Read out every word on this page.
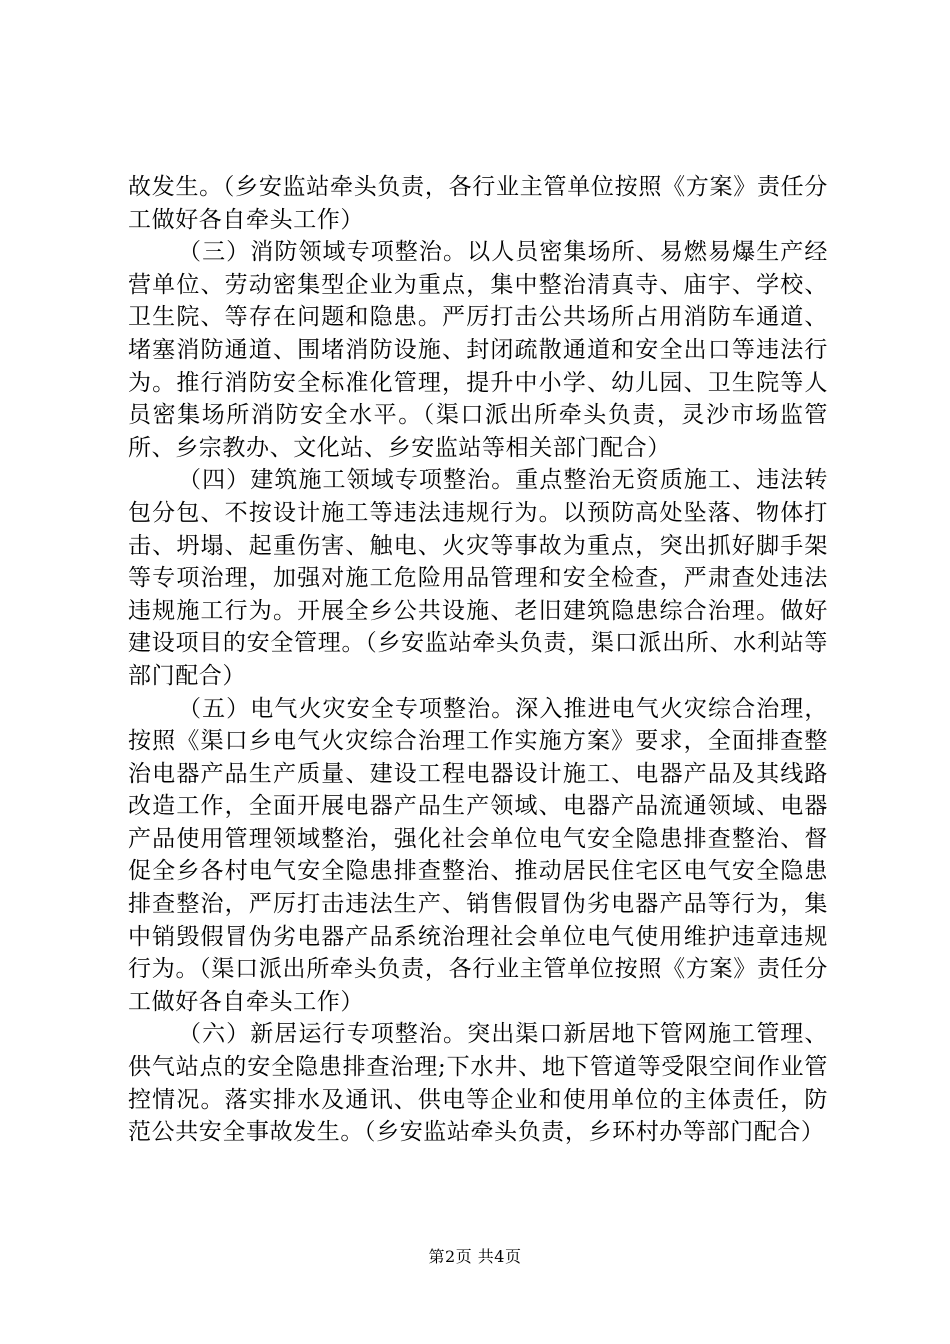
故发生。（乡安监站牵头负责，各行业主管单位按照《方案》责任分工做好各自牵头工作）

（三）消防领域专项整治。以人员密集场所、易燃易爆生产经营单位、劳动密集型企业为重点，集中整治清真寺、庙宇、学校、卫生院、等存在问题和隐患。严厉打击公共场所占用消防车通道、堵塞消防通道、围堵消防设施、封闭疏散通道和安全出口等违法行为。推行消防安全标准化管理，提升中小学、幼儿园、卫生院等人员密集场所消防安全水平。（渠口派出所牵头负责，灵沙市场监管所、乡宗教办、文化站、乡安监站等相关部门配合）

（四）建筑施工领域专项整治。重点整治无资质施工、违法转包分包、不按设计施工等违法违规行为。以预防高处坠落、物体打击、坍塌、起重伤害、触电、火灾等事故为重点，突出抓好脚手架等专项治理，加强对施工危险用品管理和安全检查，严肃查处违法违规施工行为。开展全乡公共设施、老旧建筑隐患综合治理。做好建设项目的安全管理。（乡安监站牵头负责，渠口派出所、水利站等部门配合）

（五）电气火灾安全专项整治。深入推进电气火灾综合治理，按照《渠口乡电气火灾综合治理工作实施方案》要求，全面排查整治电器产品生产质量、建设工程电器设计施工、电器产品及其线路改造工作，全面开展电器产品生产领域、电器产品流通领域、电器产品使用管理领域整治，强化社会单位电气安全隐患排查整治、督促全乡各村电气安全隐患排查整治、推动居民住宅区电气安全隐患排查整治，严厉打击违法生产、销售假冒伪劣电器产品等行为，集中销毁假冒伪劣电器产品系统治理社会单位电气使用维护违章违规行为。（渠口派出所牵头负责，各行业主管单位按照《方案》责任分工做好各自牵头工作）

（六）新居运行专项整治。突出渠口新居地下管网施工管理、供气站点的安全隐患排查治理;下水井、地下管道等受限空间作业管控情况。落实排水及通讯、供电等企业和使用单位的主体责任，防范公共安全事故发生。（乡安监站牵头负责，乡环村办等部门配合）

第2页 共4页
